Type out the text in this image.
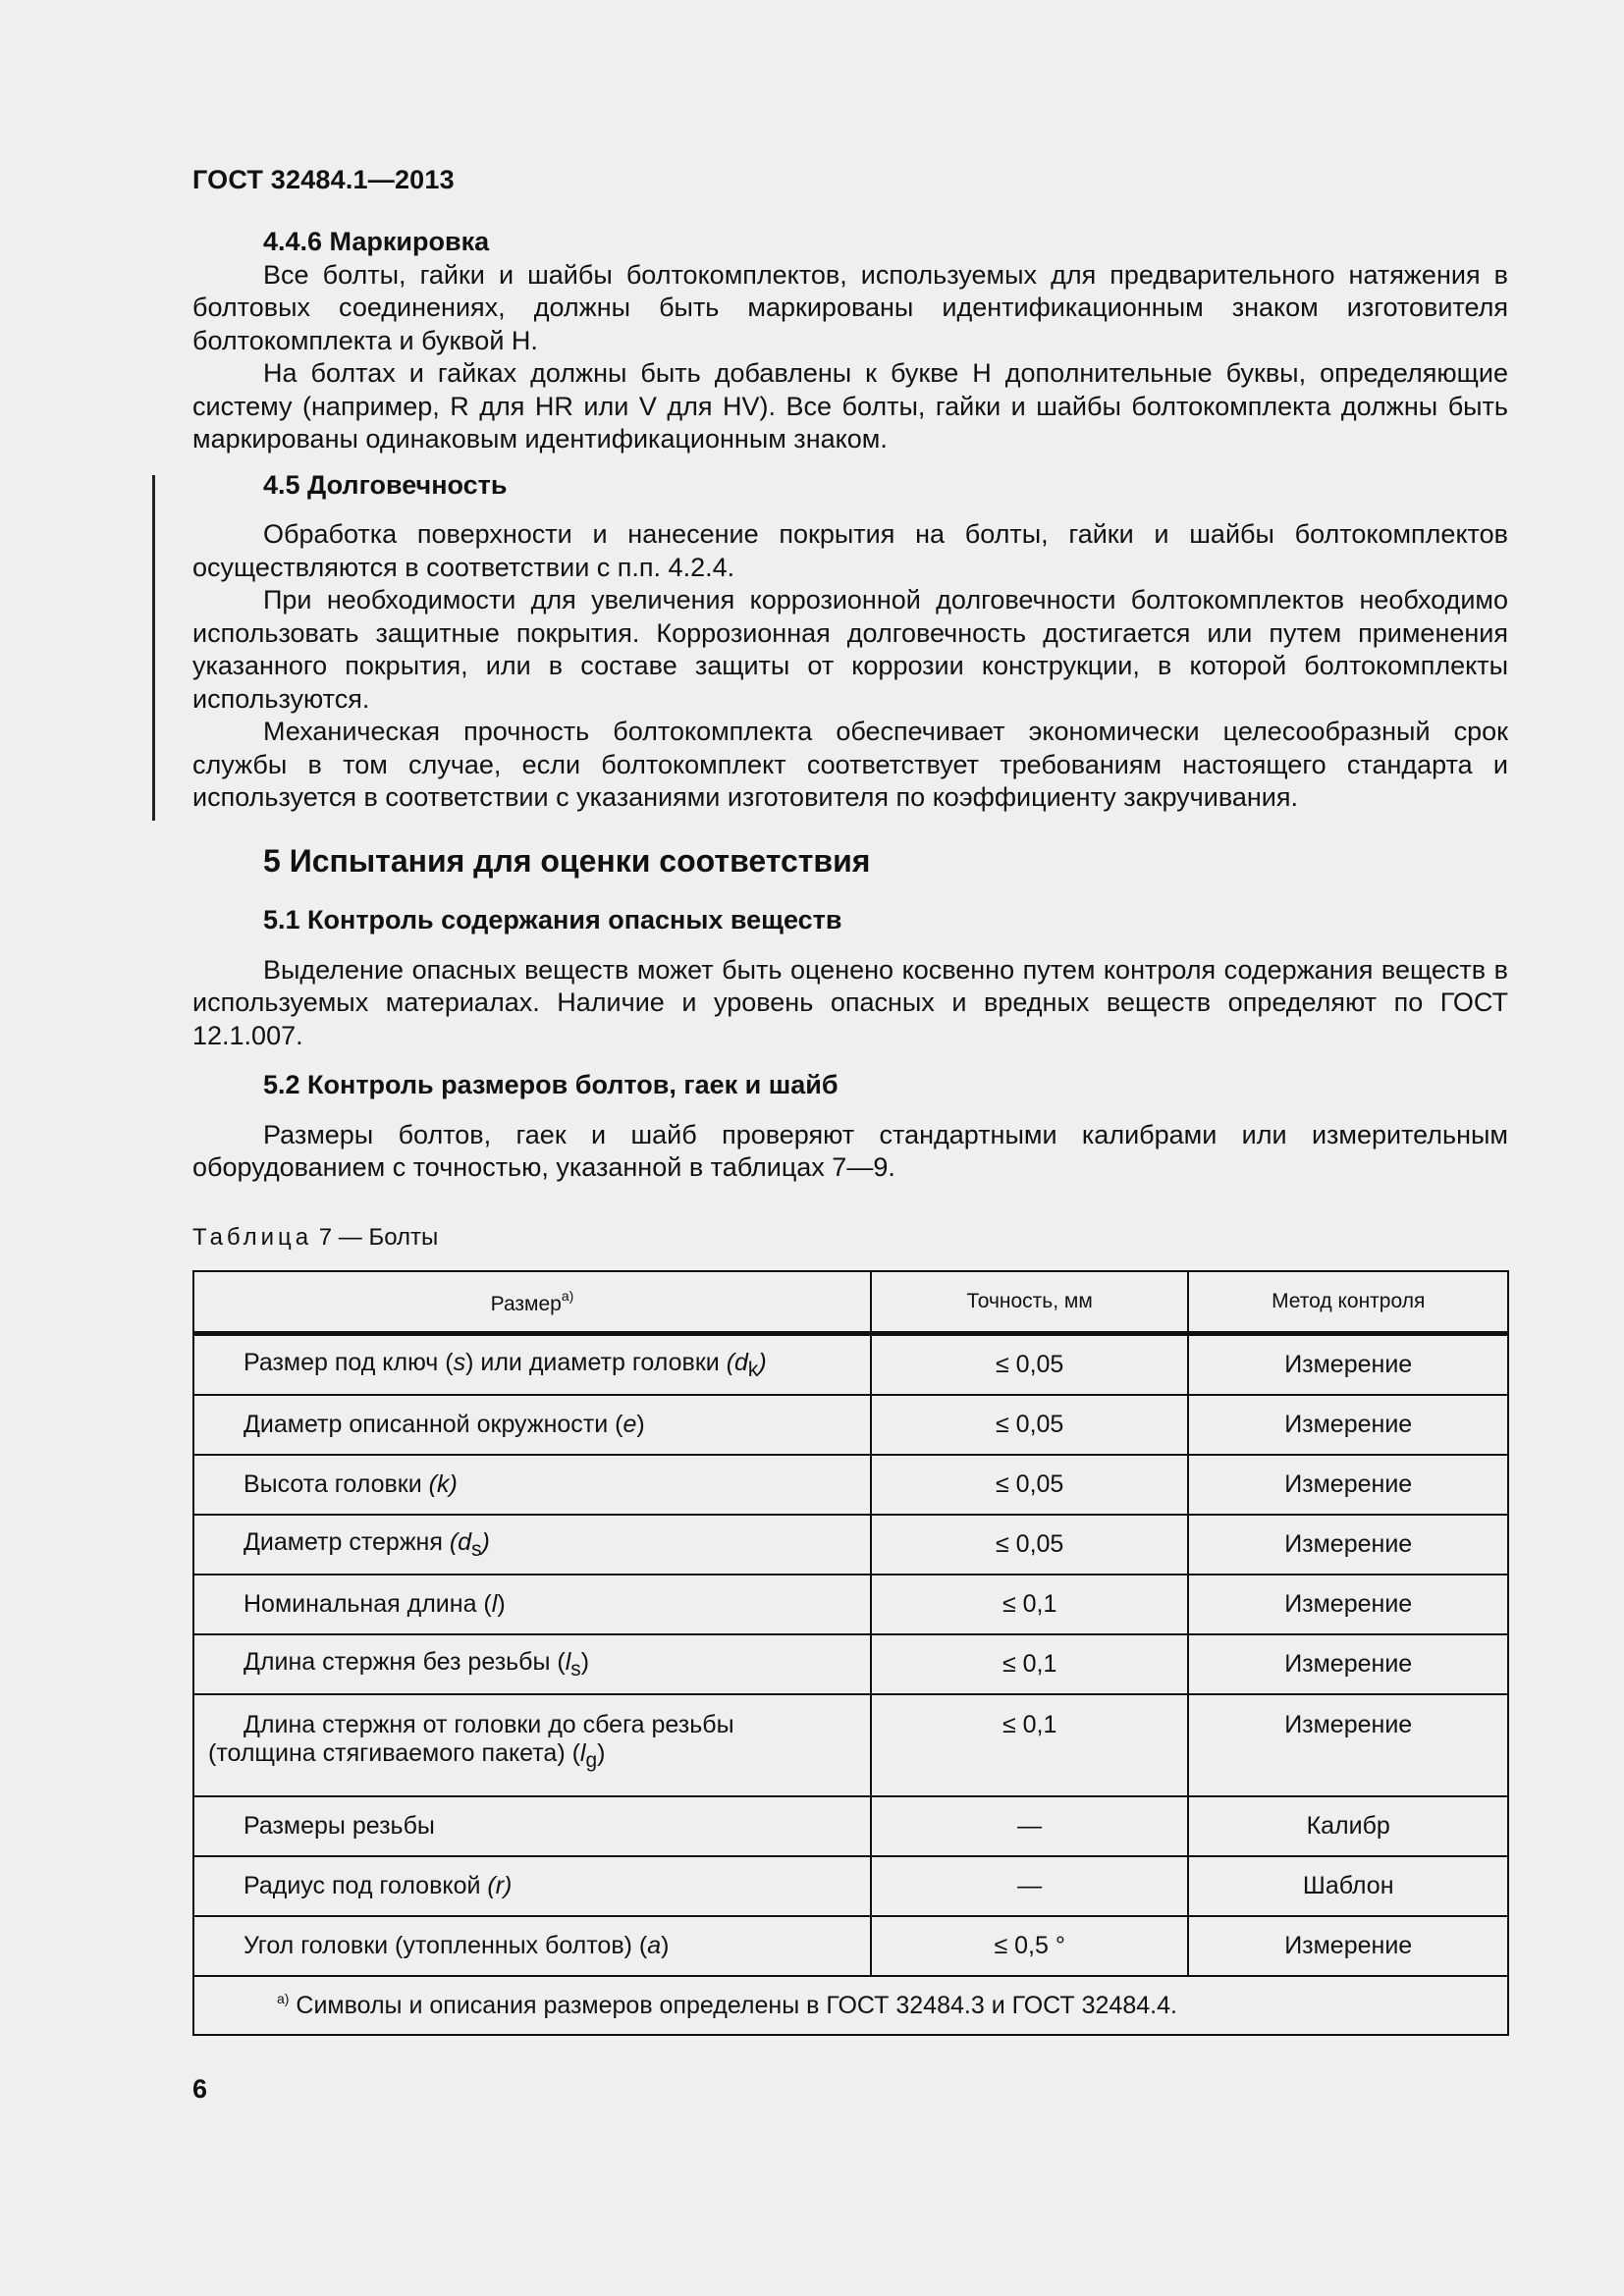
ГОСТ 32484.1—2013
4.4.6 Маркировка

Все болты, гайки и шайбы болтокомплектов, используемых для предварительного натяжения в болтовых соединениях, должны быть маркированы идентификационным знаком изготовителя болтокомплекта и буквой Н.

На болтах и гайках должны быть добавлены к букве Н дополнительные буквы, определяющие систему (например, R для HR или V для HV). Все болты, гайки и шайбы болтокомплекта должны быть маркированы одинаковым идентификационным знаком.

4.5 Долговечность

Обработка поверхности и нанесение покрытия на болты, гайки и шайбы болтокомплектов осуществляются в соответствии с п.п. 4.2.4.

При необходимости для увеличения коррозионной долговечности болтокомплектов необходимо использовать защитные покрытия. Коррозионная долговечность достигается или путем применения указанного покрытия, или в составе защиты от коррозии конструкции, в которой болтокомплекты используются.

Механическая прочность болтокомплекта обеспечивает экономически целесообразный срок службы в том случае, если болтокомплект соответствует требованиям настоящего стандарта и используется в соответствии с указаниями изготовителя по коэффициенту закручивания.

5 Испытания для оценки соответствия
5.1 Контроль содержания опасных веществ

Выделение опасных веществ может быть оценено косвенно путем контроля содержания веществ в используемых материалах. Наличие и уровень опасных и вредных веществ определяют по ГОСТ 12.1.007.

5.2 Контроль размеров болтов, гаек и шайб

Размеры болтов, гаек и шайб проверяют стандартными калибрами или измерительным оборудованием с точностью, указанной в таблицах 7—9.

Таблица 7 — Болты
Размер$^{a)}$	Точность, мм	Метод контроля
Размер под ключ (s) или диаметр головки $(d_k)$	≤ 0,05	Измерение
Диаметр описанной окружности (e)	≤ 0,05	Измерение
Высота головки (k)	≤ 0,05	Измерение
Диаметр стержня $(d_s)$	≤ 0,05	Измерение
Номинальная длина (l)	≤ 0,1	Измерение
Длина стержня без резьбы $(l_s)$	≤ 0,1	Измерение
Длина стержня от головки до сбега резьбы
(толщина стягиваемого пакета) $(l_g)$	≤ 0,1	Измерение
Размеры резьбы	—	Калибр
Радиус под головкой (r)	—	Шаблон
Угол головки (утопленных болтов) (a)	≤ 0,5 °	Измерение
$^{a)}$ Символы и описания размеров определены в ГОСТ 32484.3 и ГОСТ 32484.4.		
6
